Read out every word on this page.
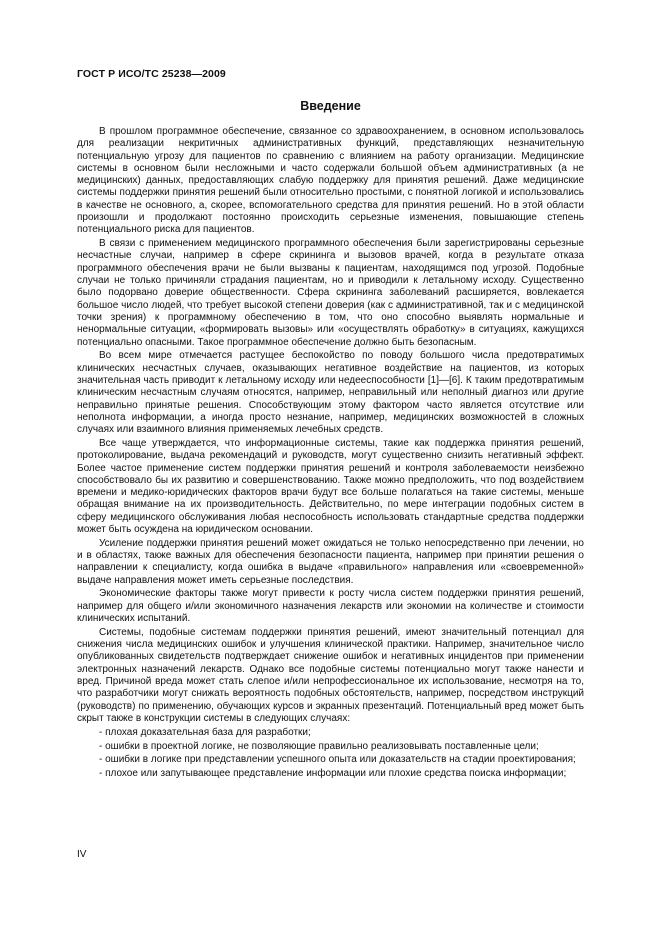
ГОСТ Р ИСО/ТС 25238—2009
Введение

В прошлом программное обеспечение, связанное со здравоохранением, в основном использовалось для реализации некритичных административных функций, представляющих незначительную потенциальную угрозу для пациентов по сравнению с влиянием на работу организации. Медицинские системы в основном были несложными и часто содержали большой объем административных (а не медицинских) данных, предоставляющих слабую поддержку для принятия решений. Даже медицинские системы поддержки принятия решений были относительно простыми, с понятной логикой и использовались в качестве не основного, а, скорее, вспомогательного средства для принятия решений. Но в этой области произошли и продолжают постоянно происходить серьезные изменения, повышающие степень потенциального риска для пациентов.

В связи с применением медицинского программного обеспечения были зарегистрированы серьезные несчастные случаи, например в сфере скрининга и вызовов врачей, когда в результате отказа программного обеспечения врачи не были вызваны к пациентам, находящимся под угрозой. Подобные случаи не только причиняли страдания пациентам, но и приводили к летальному исходу. Существенно было подорвано доверие общественности. Сфера скрининга заболеваний расширяется, вовлекается большое число людей, что требует высокой степени доверия (как с административной, так и с медицинской точки зрения) к программному обеспечению в том, что оно способно выявлять нормальные и ненормальные ситуации, «формировать вызовы» или «осуществлять обработку» в ситуациях, кажущихся потенциально опасными. Такое программное обеспечение должно быть безопасным.

Во всем мире отмечается растущее беспокойство по поводу большого числа предотвратимых клинических несчастных случаев, оказывающих негативное воздействие на пациентов, из которых значительная часть приводит к летальному исходу или недееспособности [1]—[6]. К таким предотвратимым клиническим несчастным случаям относятся, например, неправильный или неполный диагноз или другие неправильно принятые решения. Способствующим этому фактором часто является отсутствие или неполнота информации, а иногда просто незнание, например, медицинских возможностей в сложных случаях или взаимного влияния применяемых лечебных средств.

Все чаще утверждается, что информационные системы, такие как поддержка принятия решений, протоколирование, выдача рекомендаций и руководств, могут существенно снизить негативный эффект. Более частое применение систем поддержки принятия решений и контроля заболеваемости неизбежно способствовало бы их развитию и совершенствованию. Также можно предположить, что под воздействием времени и медико-юридических факторов врачи будут все больше полагаться на такие системы, меньше обращая внимание на их производительность. Действительно, по мере интеграции подобных систем в сферу медицинского обслуживания любая неспособность использовать стандартные средства поддержки может быть осуждена на юридическом основании.

Усиление поддержки принятия решений может ожидаться не только непосредственно при лечении, но и в областях, также важных для обеспечения безопасности пациента, например при принятии решения о направлении к специалисту, когда ошибка в выдаче «правильного» направления или «своевременной» выдаче направления может иметь серьезные последствия.

Экономические факторы также могут привести к росту числа систем поддержки принятия решений, например для общего и/или экономичного назначения лекарств или экономии на количестве и стоимости клинических испытаний.

Системы, подобные системам поддержки принятия решений, имеют значительный потенциал для снижения числа медицинских ошибок и улучшения клинической практики. Например, значительное число опубликованных свидетельств подтверждает снижение ошибок и негативных инцидентов при применении электронных назначений лекарств. Однако все подобные системы потенциально могут также нанести и вред. Причиной вреда может стать слепое и/или непрофессиональное их использование, несмотря на то, что разработчики могут снижать вероятность подобных обстоятельств, например, посредством инструкций (руководств) по применению, обучающих курсов и экранных презентаций. Потенциальный вред может быть скрыт также в конструкции системы в следующих случаях:

- плохая доказательная база для разработки;

- ошибки в проектной логике, не позволяющие правильно реализовывать поставленные цели;

- ошибки в логике при представлении успешного опыта или доказательств на стадии проектирования;

- плохое или запутывающее представление информации или плохие средства поиска информации;

IV
